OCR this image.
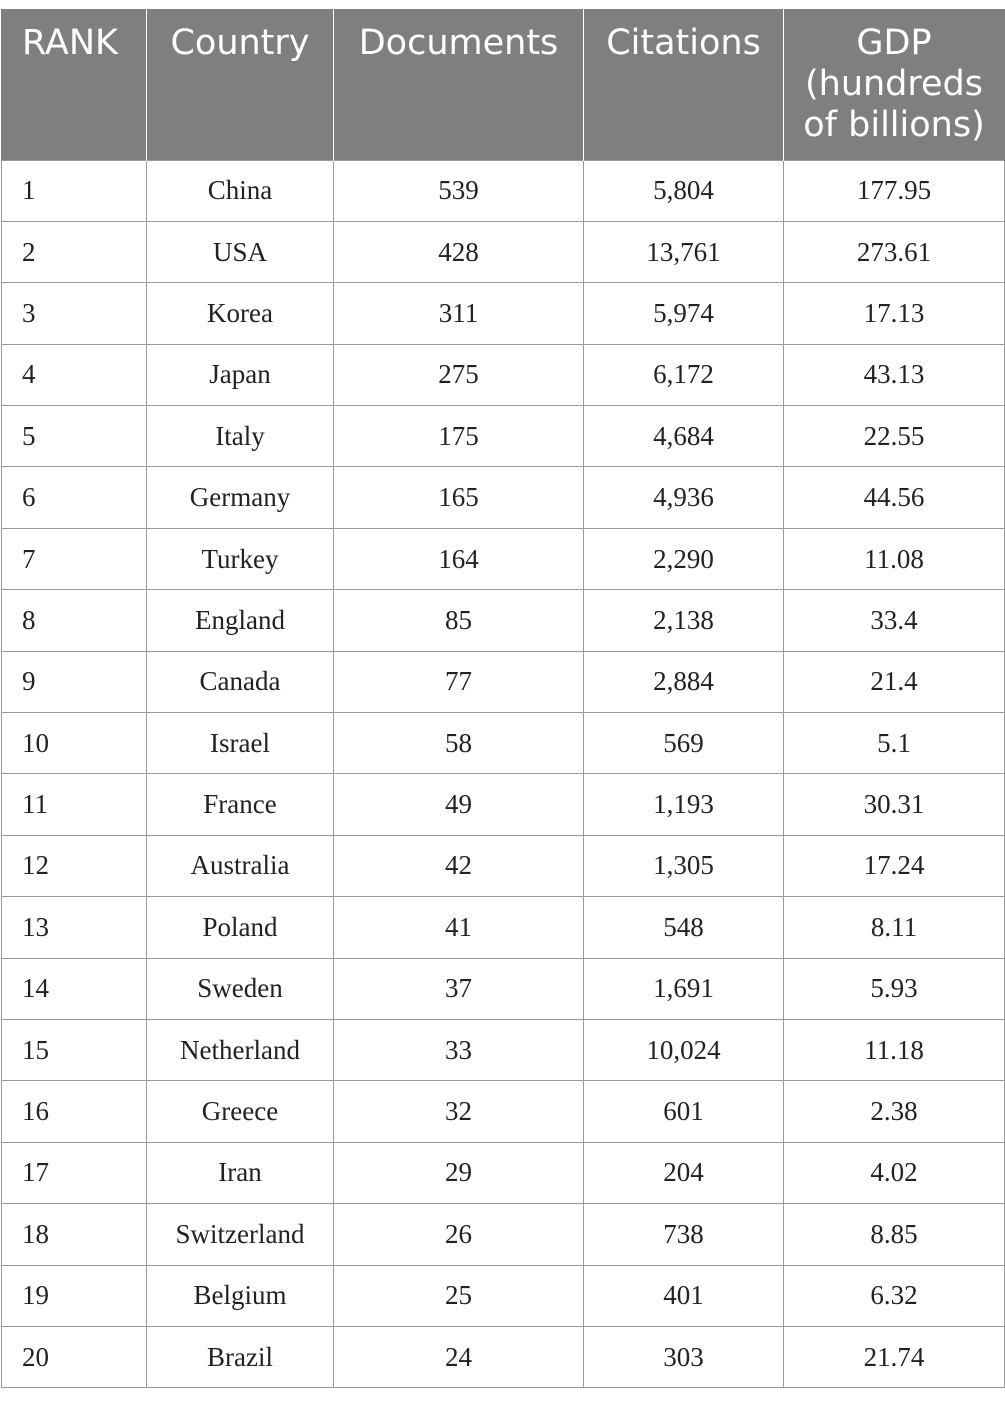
RANK	Country	Documents	Citations	GDP (hundreds of billions)
1	China	539	5,804	177.95
2	USA	428	13,761	273.61
3	Korea	311	5,974	17.13
4	Japan	275	6,172	43.13
5	Italy	175	4,684	22.55
6	Germany	165	4,936	44.56
7	Turkey	164	2,290	11.08
8	England	85	2,138	33.4
9	Canada	77	2,884	21.4
10	Israel	58	569	5.1
11	France	49	1,193	30.31
12	Australia	42	1,305	17.24
13	Poland	41	548	8.11
14	Sweden	37	1,691	5.93
15	Netherland	33	10,024	11.18
16	Greece	32	601	2.38
17	Iran	29	204	4.02
18	Switzerland	26	738	8.85
19	Belgium	25	401	6.32
20	Brazil	24	303	21.74
